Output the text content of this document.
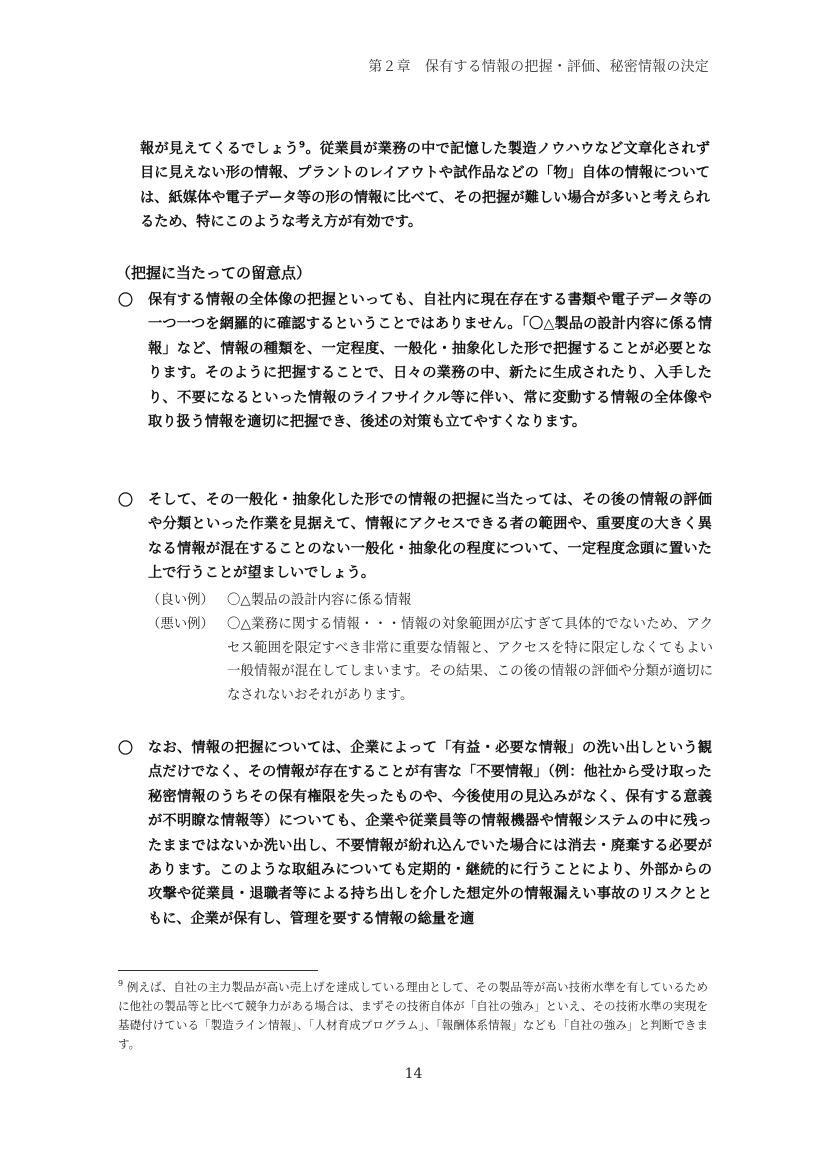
第２章　保有する情報の把握・評価、秘密情報の決定
報が見えてくるでしょう$^9$。従業員が業務の中で記憶した製造ノウハウなど文章化されず目に見えない形の情報、プラントのレイアウトや試作品などの「物」自体の情報については、紙媒体や電子データ等の形の情報に比べて、その把握が難しい場合が多いと考えられるため、特にこのような考え方が有効です。
（把握に当たっての留意点）
〇 保有する情報の全体像の把握といっても、自社内に現在存在する書類や電子データ等の一つ一つを網羅的に確認するということではありません。「〇△製品の設計内容に係る情報」など、情報の種類を、一定程度、一般化・抽象化した形で把握することが必要となります。そのように把握することで、日々の業務の中、新たに生成されたり、入手したり、不要になるといった情報のライフサイクル等に伴い、常に変動する情報の全体像や取り扱う情報を適切に把握でき、後述の対策も立てやすくなります。
〇 そして、その一般化・抽象化した形での情報の把握に当たっては、その後の情報の評価や分類といった作業を見据えて、情報にアクセスできる者の範囲や、重要度の大きく異なる情報が混在することのない一般化・抽象化の程度について、一定程度念頭に置いた上で行うことが望ましいでしょう。
（良い例） 〇△製品の設計内容に係る情報
（悪い例） 〇△業務に関する情報・・・情報の対象範囲が広すぎて具体的でないため、アクセス範囲を限定すべき非常に重要な情報と、アクセスを特に限定しなくてもよい一般情報が混在してしまいます。その結果、この後の情報の評価や分類が適切になされないおそれがあります。
〇 なお、情報の把握については、企業によって「有益・必要な情報」の洗い出しという観点だけでなく、その情報が存在することが有害な「不要情報」（例：他社から受け取った秘密情報のうちその保有権限を失ったものや、今後使用の見込みがなく、保有する意義が不明瞭な情報等）についても、企業や従業員等の情報機器や情報システムの中に残ったままではないか洗い出し、不要情報が紛れ込んでいた場合には消去・廃棄する必要があります。このような取組みについても定期的・継続的に行うことにより、外部からの攻撃や従業員・退職者等による持ち出しを介した想定外の情報漏えい事故のリスクとともに、企業が保有し、管理を要する情報の総量を適
$^9$ 例えば、自社の主力製品が高い売上げを達成している理由として、その製品等が高い技術水準を有しているために他社の製品等と比べて競争力がある場合は、まずその技術自体が「自社の強み」といえ、その技術水準の実現を基礎付けている「製造ライン情報」、「人材育成プログラム」、「報酬体系情報」なども「自社の強み」と判断できます。
14
